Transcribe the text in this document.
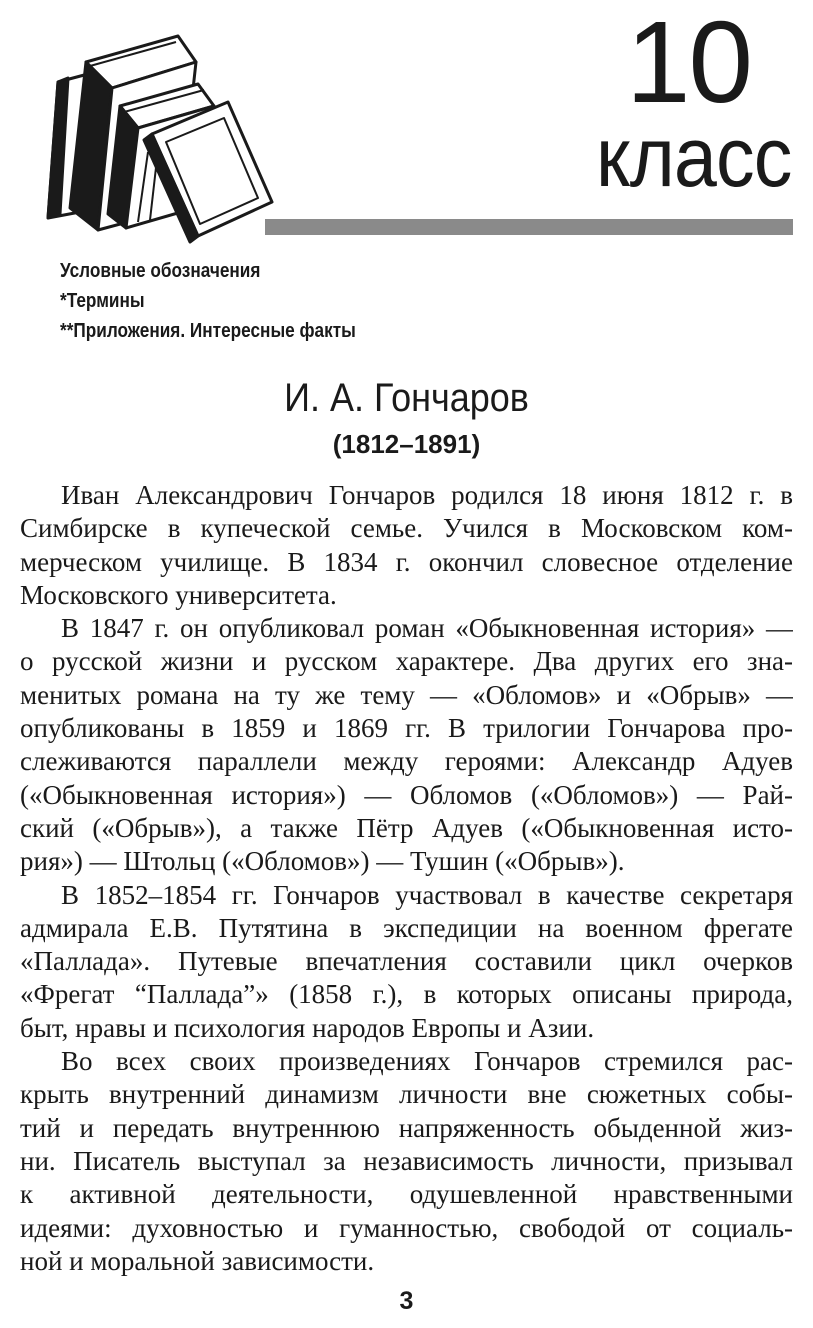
10
класс
Условные обозначения
*Термины
**Приложения. Интересные факты
И. А. Гончаров
(1812–1891)
Иван Александрович Гончаров родился 18 июня 1812 г. в
Симбирске в купеческой семье. Учился в Московском ком-
мерческом училище. В 1834 г. окончил словесное отделение
Московского университета.
В 1847 г. он опубликовал роман «Обыкновенная история» —
о русской жизни и русском характере. Два других его зна-
менитых романа на ту же тему — «Обломов» и «Обрыв» —
опубликованы в 1859 и 1869 гг. В трилогии Гончарова про-
слеживаются параллели между героями: Александр Адуев
(«Обыкновенная история») — Обломов («Обломов») — Рай-
ский («Обрыв»), а также Пётр Адуев («Обыкновенная исто-
рия») — Штольц («Обломов») — Тушин («Обрыв»).
В 1852–1854 гг. Гончаров участвовал в качестве секретаря
адмирала Е.В. Путятина в экспедиции на военном фрегате
«Паллада». Путевые впечатления составили цикл очерков
«Фрегат “Паллада”» (1858 г.), в которых описаны природа,
быт, нравы и психология народов Европы и Азии.
Во всех своих произведениях Гончаров стремился рас-
крыть внутренний динамизм личности вне сюжетных собы-
тий и передать внутреннюю напряженность обыденной жиз-
ни. Писатель выступал за независимость личности, призывал
к активной деятельности, одушевленной нравственными
идеями: духовностью и гуманностью, свободой от социаль-
ной и моральной зависимости.
3
